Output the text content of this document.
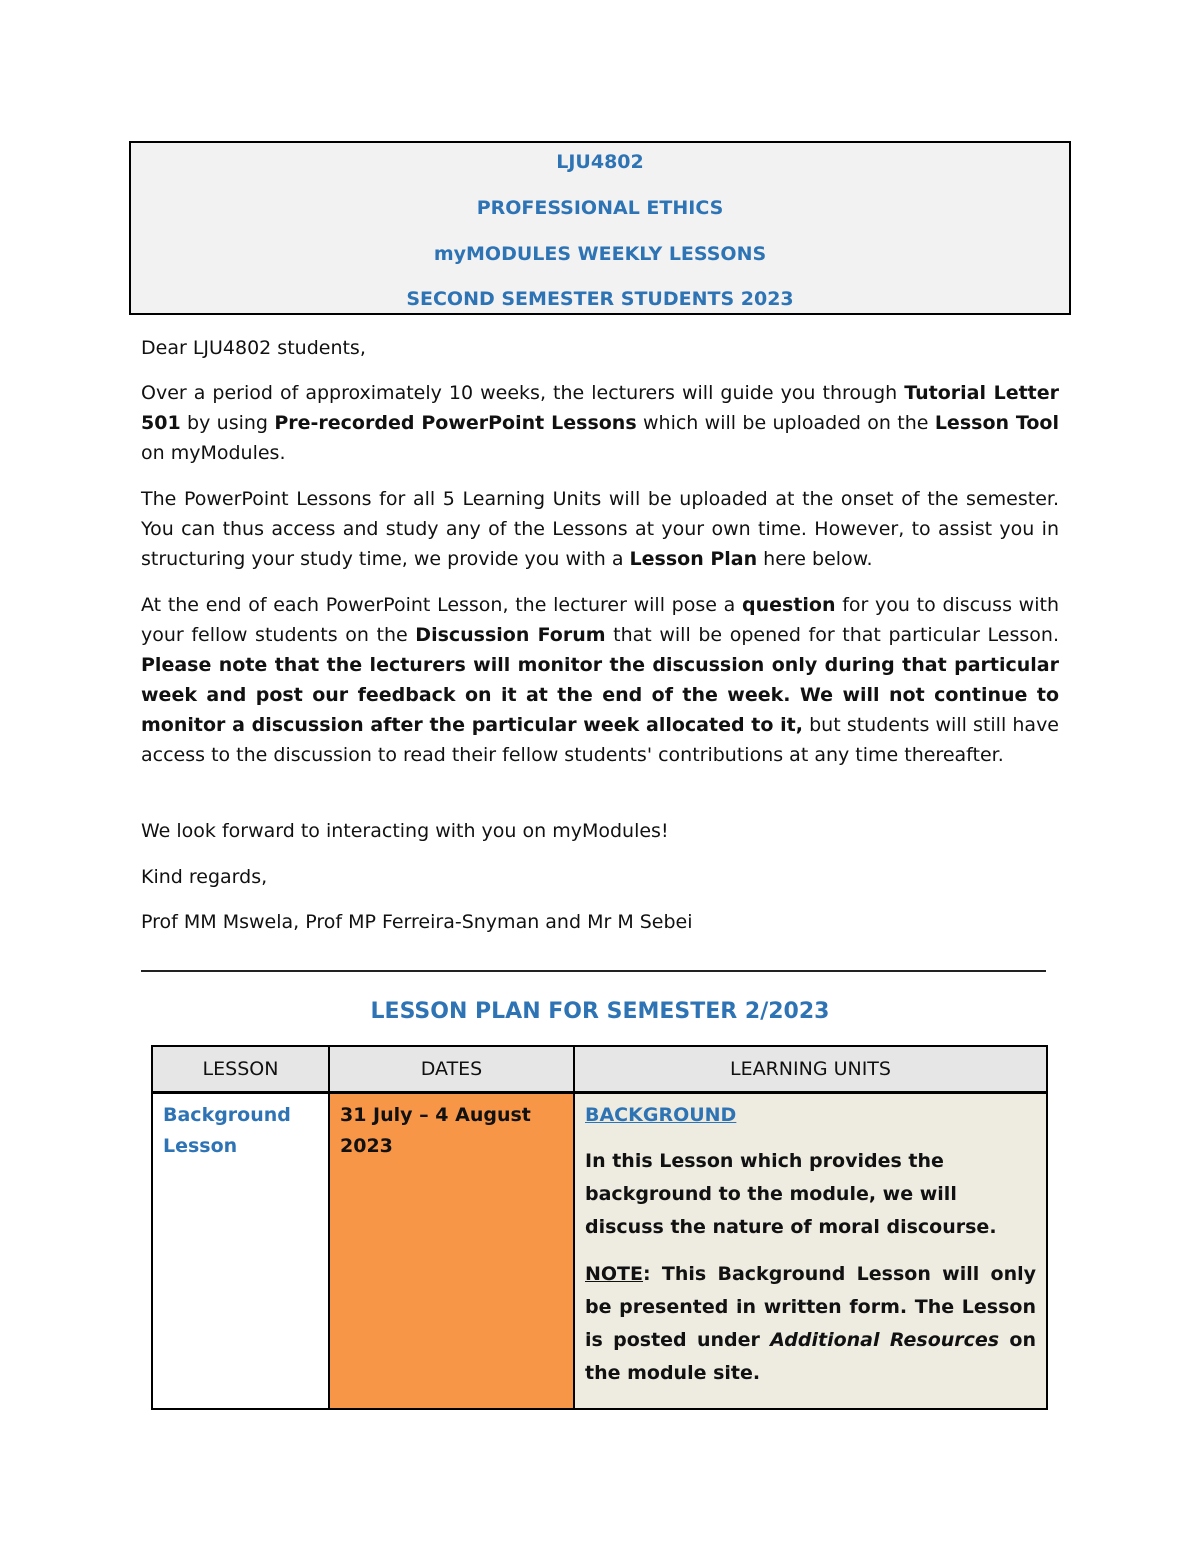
LJU4802
PROFESSIONAL ETHICS
myMODULES WEEKLY LESSONS
SECOND SEMESTER STUDENTS 2023
Dear LJU4802 students,

Over a period of approximately 10 weeks, the lecturers will guide you through Tutorial Letter 501 by using Pre-recorded PowerPoint Lessons which will be uploaded on the Lesson Tool on myModules.

The PowerPoint Lessons for all 5 Learning Units will be uploaded at the onset of the semester. You can thus access and study any of the Lessons at your own time. However, to assist you in structuring your study time, we provide you with a Lesson Plan here below.

At the end of each PowerPoint Lesson, the lecturer will pose a question for you to discuss with your fellow students on the Discussion Forum that will be opened for that particular Lesson. Please note that the lecturers will monitor the discussion only during that particular week and post our feedback on it at the end of the week. We will not continue to monitor a discussion after the particular week allocated to it, but students will still have access to the discussion to read their fellow students' contributions at any time thereafter.

We look forward to interacting with you on myModules!
Kind regards,
Prof MM Mswela, Prof MP Ferreira-Snyman and Mr M Sebei
LESSON PLAN FOR SEMESTER 2/2023
LESSON	DATES	LEARNING UNITS
Background Lesson	31 July – 4 August 2023	BACKGROUND

In this Lesson which provides the background to the module, we will discuss the nature of moral discourse.

NOTE: This Background Lesson will only be presented in written form. The Lesson is posted under Additional Resources on the module site.
